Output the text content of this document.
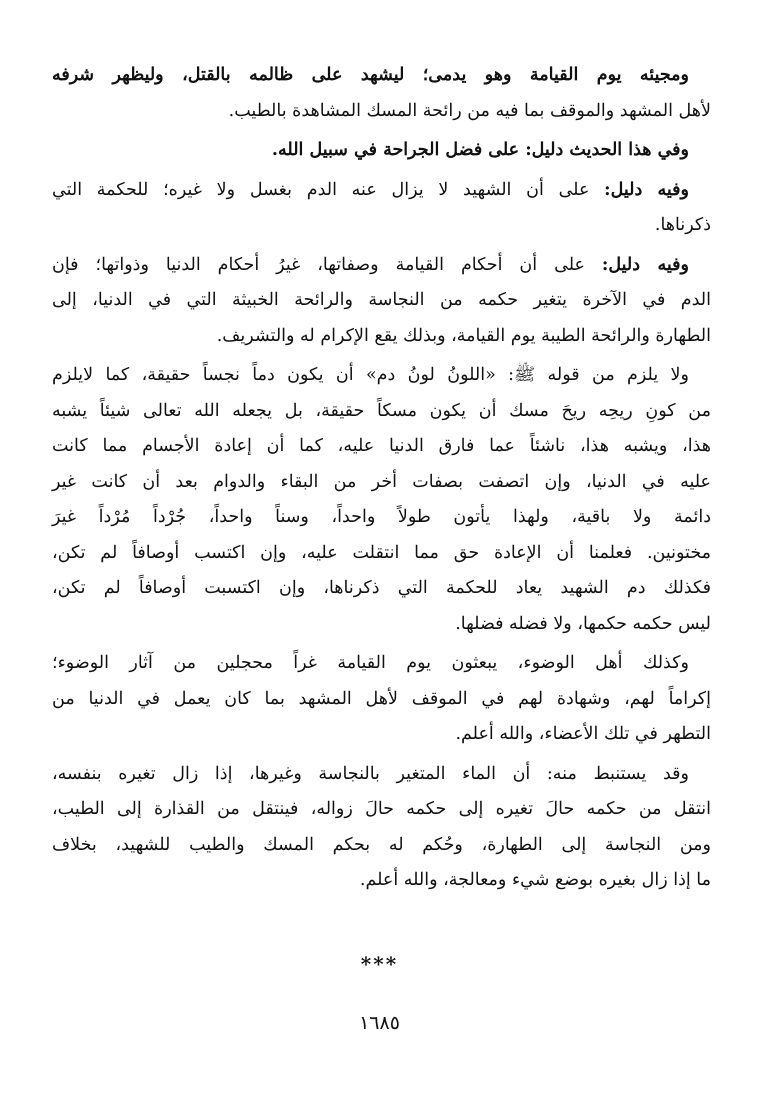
ومجيئه يوم القيامة وهو يدمى؛ ليشهد على ظالمه بالقتل، وليظهر شرفه
لأهل المشهد والموقف بما فيه من رائحة المسك المشاهدة بالطيب.
وفي هذا الحديث دليل: على فضل الجراحة في سبيل الله.
وفيه دليل: على أن الشهيد لا يزال عنه الدم بغسل ولا غيره؛ للحكمة التي
ذكرناها.
وفيه دليل: على أن أحكام القيامة وصفاتها، غيرُ أحكام الدنيا وذواتها؛ فإن
الدم في الآخرة يتغير حكمه من النجاسة والرائحة الخبيثة التي في الدنيا، إلى
الطهارة والرائحة الطيبة يوم القيامة، وبذلك يقع الإكرام له والتشريف.
ولا يلزم من قوله ﷺ: «اللونُ لونُ دم» أن يكون دماً نجساً حقيقة، كما لايلزم
من كونِ ريحِه ريحَ مسك أن يكون مسكاً حقيقة، بل يجعله الله تعالى شيئاً يشبه
هذا، ويشبه هذا، ناشئاً عما فارق الدنيا عليه، كما أن إعادة الأجسام مما كانت
عليه في الدنيا، وإن اتصفت بصفات أخر من البقاء والدوام بعد أن كانت غير
دائمة ولا باقية، ولهذا يأتون طولاً واحداً، وسناً واحداً، جُرْداً مُرْداً غيرَ
مختونين. فعلمنا أن الإعادة حق مما انتقلت عليه، وإن اكتسب أوصافاً لم تكن،
فكذلك دم الشهيد يعاد للحكمة التي ذكرناها، وإن اكتسبت أوصافاً لم تكن،
ليس حكمه حكمها، ولا فضله فضلها.
وكذلك أهل الوضوء، يبعثون يوم القيامة غراً محجلين من آثار الوضوء؛
إكراماً لهم، وشهادة لهم في الموقف لأهل المشهد بما كان يعمل في الدنيا من
التطهر في تلك الأعضاء، والله أعلم.
وقد يستنبط منه: أن الماء المتغير بالنجاسة وغيرها، إذا زال تغيره بنفسه،
انتقل من حكمه حالَ تغيره إلى حكمه حالَ زواله، فينتقل من القذارة إلى الطيب،
ومن النجاسة إلى الطهارة، وحُكم له بحكم المسك والطيب للشهيد، بخلاف
ما إذا زال بغيره بوضع شيء ومعالجة، والله أعلم.
***
١٦٨٥
